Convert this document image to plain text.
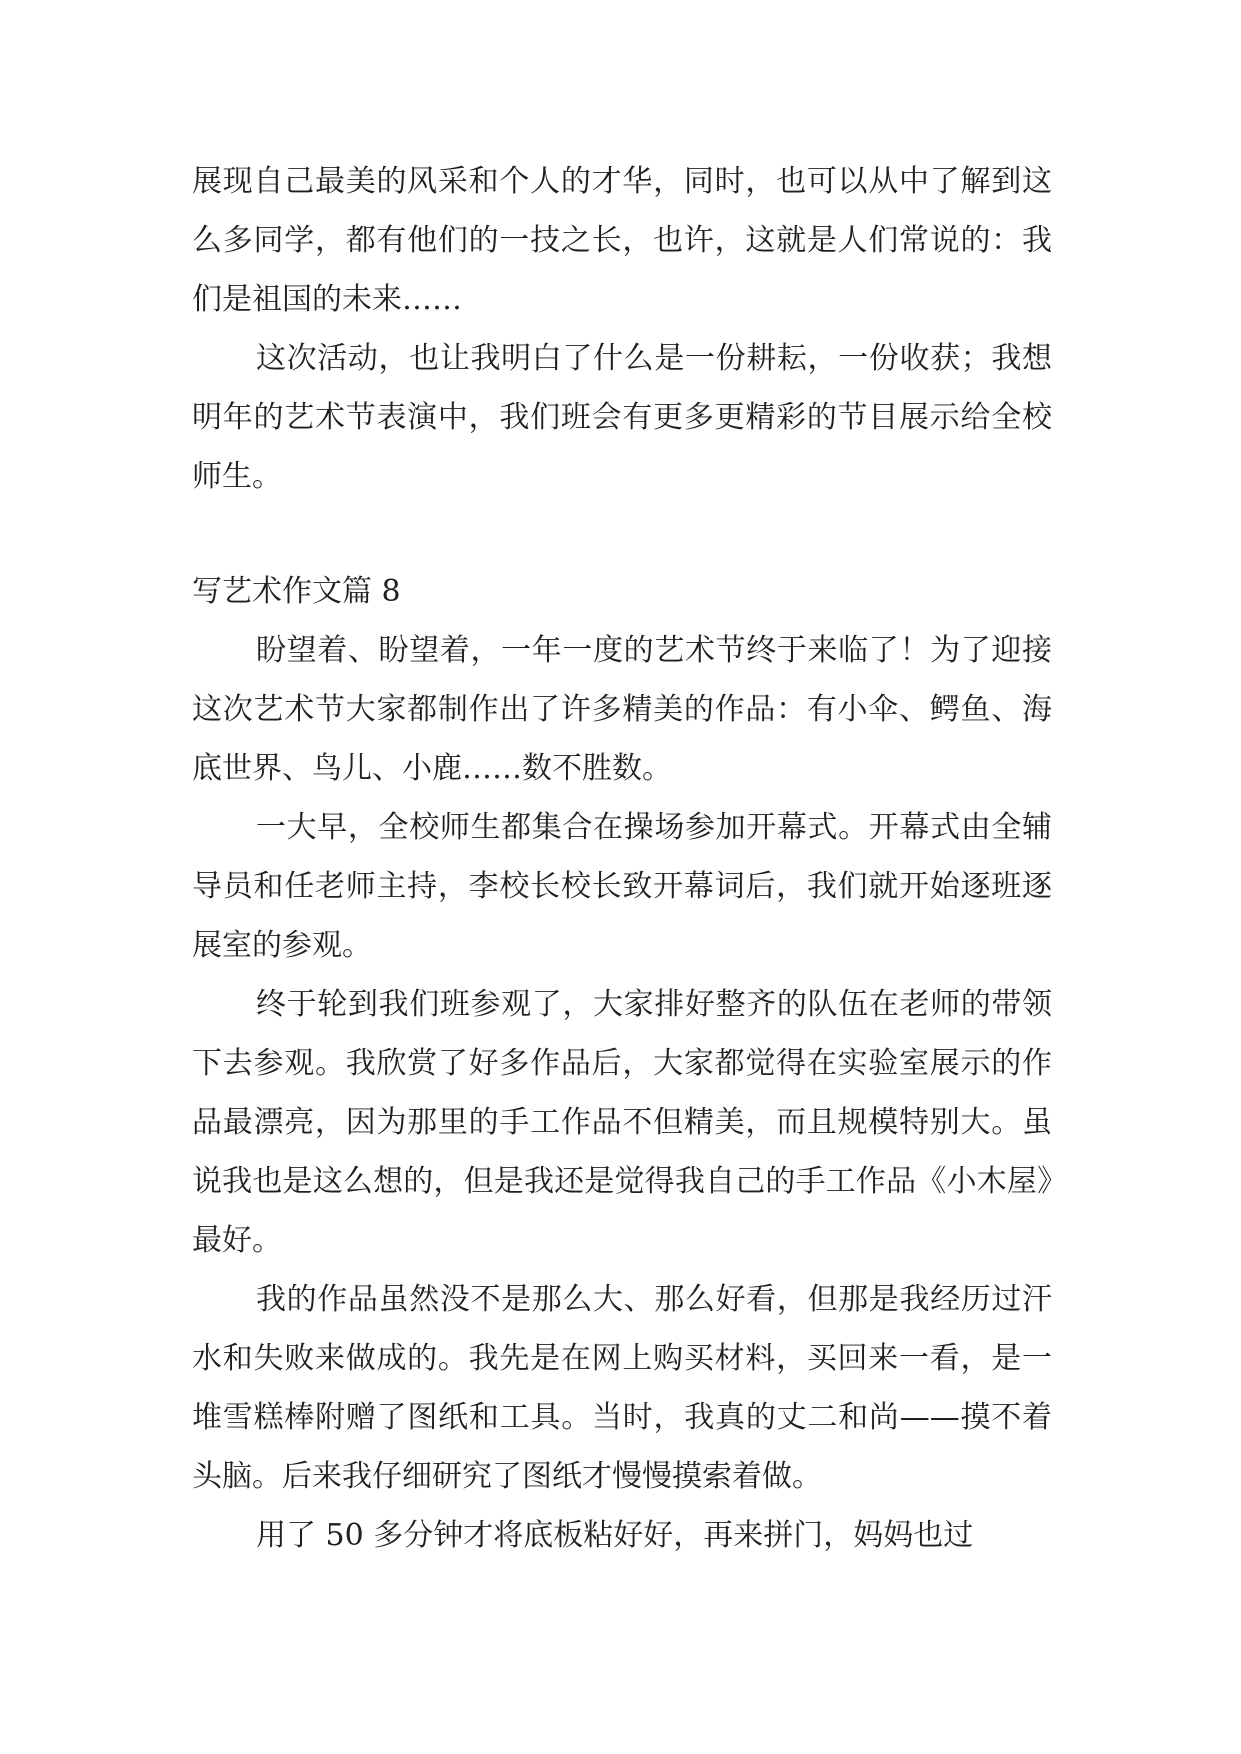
展现自己最美的风采和个人的才华，同时，也可以从中了解到这么多同学，都有他们的一技之长，也许，这就是人们常说的：我们是祖国的未来……

这次活动，也让我明白了什么是一份耕耘，一份收获；我想明年的艺术节表演中，我们班会有更多更精彩的节目展示给全校师生。

写艺术作文篇 8

盼望着、盼望着，一年一度的艺术节终于来临了！为了迎接这次艺术节大家都制作出了许多精美的作品：有小伞、鳄鱼、海底世界、鸟儿、小鹿……数不胜数。

一大早，全校师生都集合在操场参加开幕式。开幕式由全辅导员和任老师主持，李校长校长致开幕词后，我们就开始逐班逐展室的参观。

终于轮到我们班参观了，大家排好整齐的队伍在老师的带领下去参观。我欣赏了好多作品后，大家都觉得在实验室展示的作品最漂亮，因为那里的手工作品不但精美，而且规模特别大。虽说我也是这么想的，但是我还是觉得我自己的手工作品《小木屋》最好。

我的作品虽然没不是那么大、那么好看，但那是我经历过汗水和失败来做成的。我先是在网上购买材料，买回来一看，是一堆雪糕棒附赠了图纸和工具。当时，我真的丈二和尚——摸不着头脑。后来我仔细研究了图纸才慢慢摸索着做。

用了 50 多分钟才将底板粘好好，再来拼门，妈妈也过
